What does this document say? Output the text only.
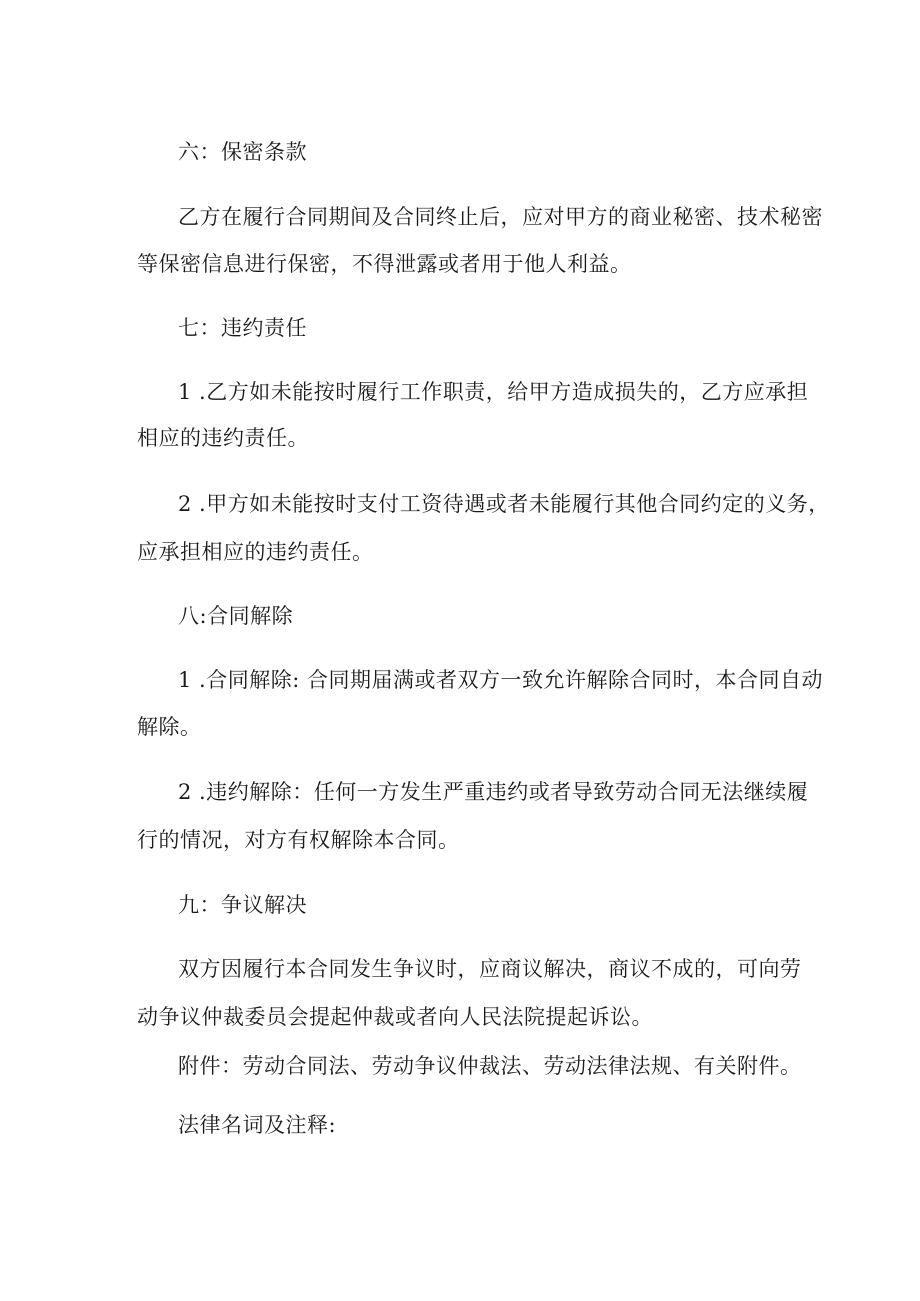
六：保密条款
乙方在履行合同期间及合同终止后，应对甲方的商业秘密、技术秘密
等保密信息进行保密，不得泄露或者用于他人利益。
七：违约责任
1 .乙方如未能按时履行工作职责，给甲方造成损失的，乙方应承担
相应的违约责任。
2 .甲方如未能按时支付工资待遇或者未能履行其他合同约定的义务，
应承担相应的违约责任。
八:合同解除
1 .合同解除: 合同期届满或者双方一致允许解除合同时，本合同自动
解除。
2 .违约解除：任何一方发生严重违约或者导致劳动合同无法继续履
行的情况，对方有权解除本合同。
九：争议解决
双方因履行本合同发生争议时，应商议解决，商议不成的，可向劳
动争议仲裁委员会提起仲裁或者向人民法院提起诉讼。
附件：劳动合同法、劳动争议仲裁法、劳动法律法规、有关附件。
法律名词及注释:
